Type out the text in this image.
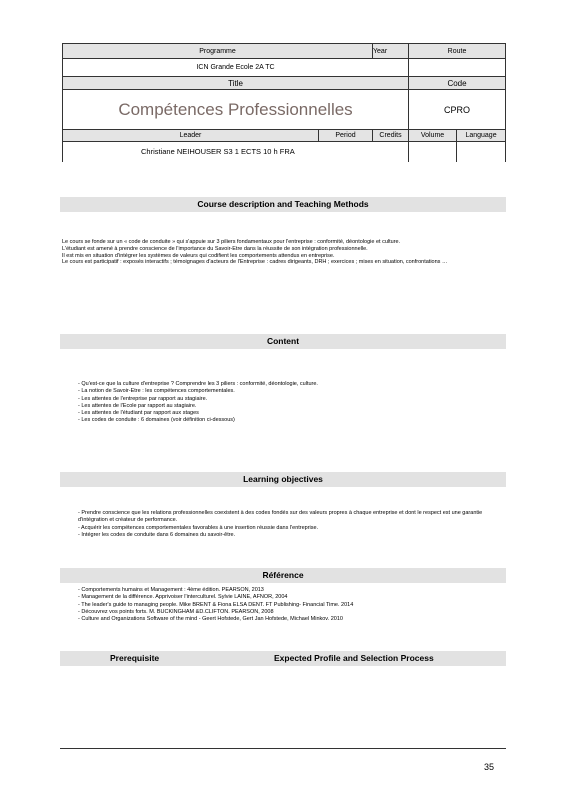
Programme		Year	Route	
ICN Grande Ecole 2A TC				
Title			Code	
Compétences Professionnelles			CPRO	
Leader	Period	Credits	Volume	Language
Christiane NEIHOUSER S3 1 ECTS 10 h FRA				
Course description and Teaching Methods
Le cours se fonde sur un « code de conduite » qui s'appuie sur 3 piliers fondamentaux pour l'entreprise : conformité, déontologie et culture.
L'étudiant est amené à prendre conscience de l'importance du Savoir-Etre dans la réussite de son intégration professionnelle.
Il est mis en situation d'intégrer les systèmes de valeurs qui codifient les comportements attendus en entreprise.
Le cours est participatif : exposés interactifs ; témoignages d'acteurs de l'Entreprise : cadres dirigeants, DRH ; exercices ; mises en situation, confrontations …
Content
- Qu'est-ce que la culture d'entreprise ? Comprendre les 3 piliers : conformité, déontologie, culture.
- La notion de Savoir-Etre : les compétences comportementales.
- Les attentes de l'entreprise par rapport au stagiaire.
- Les attentes de l'Ecole par rapport au stagiaire.
- Les attentes de l'étudiant par rapport aux stages
- Les codes de conduite : 6 domaines (voir définition ci-dessous)
Learning objectives
- Prendre conscience que les relations professionnelles coexistent à des codes fondés sur des valeurs propres à chaque entreprise et dont le respect est une garantie d'intégration et créateur de performance.
- Acquérir les compétences comportementales favorables à une insertion réussie dans l'entreprise.
- Intégrer les codes de conduite dans 6 domaines du savoir-être.
Référence
- Comportements humains et Management : 4ème édition. PEARSON, 2013
- Management de la différence. Apprivoiser l'interculturel. Sylvie LAINE, AFNOR, 2004
- The leader's guide to managing people. Mike BRENT & Fiona ELSA DENT. FT Publishing- Financial Time. 2014
- Découvrez vos points forts. M. BUCKINGHAM &D.CLIFTON. PEARSON, 2008
- Culture and Organizations Software of the mind - Geert Hofstede, Gert Jan Hofstede, Michael Minkov. 2010
Prerequisite	Expected Profile and Selection Process
35
